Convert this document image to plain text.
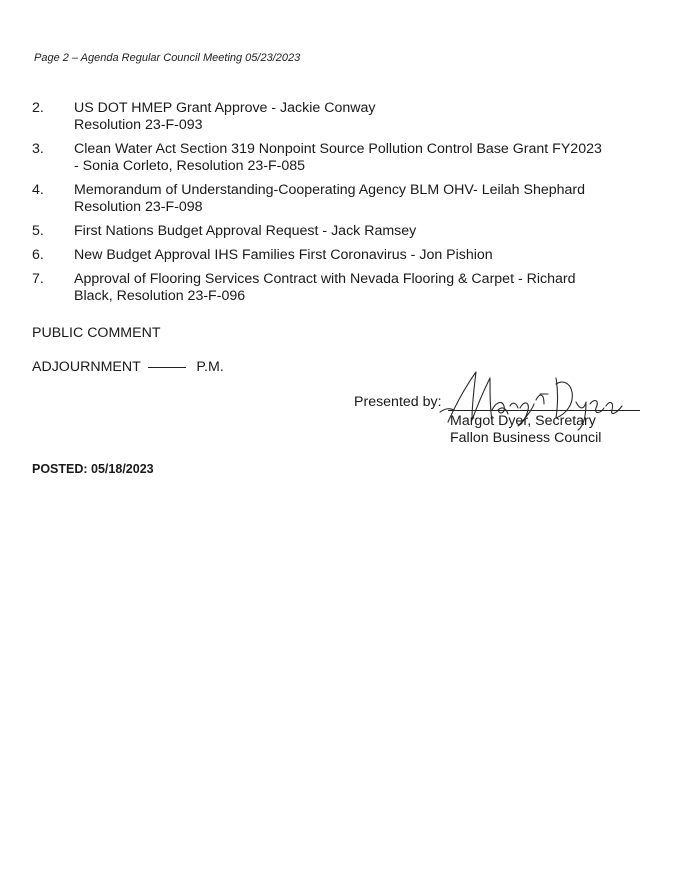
Page 2 – Agenda Regular Council Meeting 05/23/2023
2.	US DOT HMEP Grant Approve - Jackie Conway
Resolution 23-F-093
3.	Clean Water Act Section 319 Nonpoint Source Pollution Control Base Grant FY2023
- Sonia Corleto, Resolution 23-F-085
4.	Memorandum of Understanding-Cooperating Agency BLM OHV- Leilah Shephard
Resolution 23-F-098
5.	First Nations Budget Approval Request - Jack Ramsey
6.	New Budget Approval IHS Families First Coronavirus - Jon Pishion
7.	Approval of Flooring Services Contract with Nevada Flooring & Carpet - Richard
Black, Resolution 23-F-096
PUBLIC COMMENT
ADJOURNMENT	P.M.
Presented by:
Margot Dyer, Secretary
Fallon Business Council
POSTED: 05/18/2023
